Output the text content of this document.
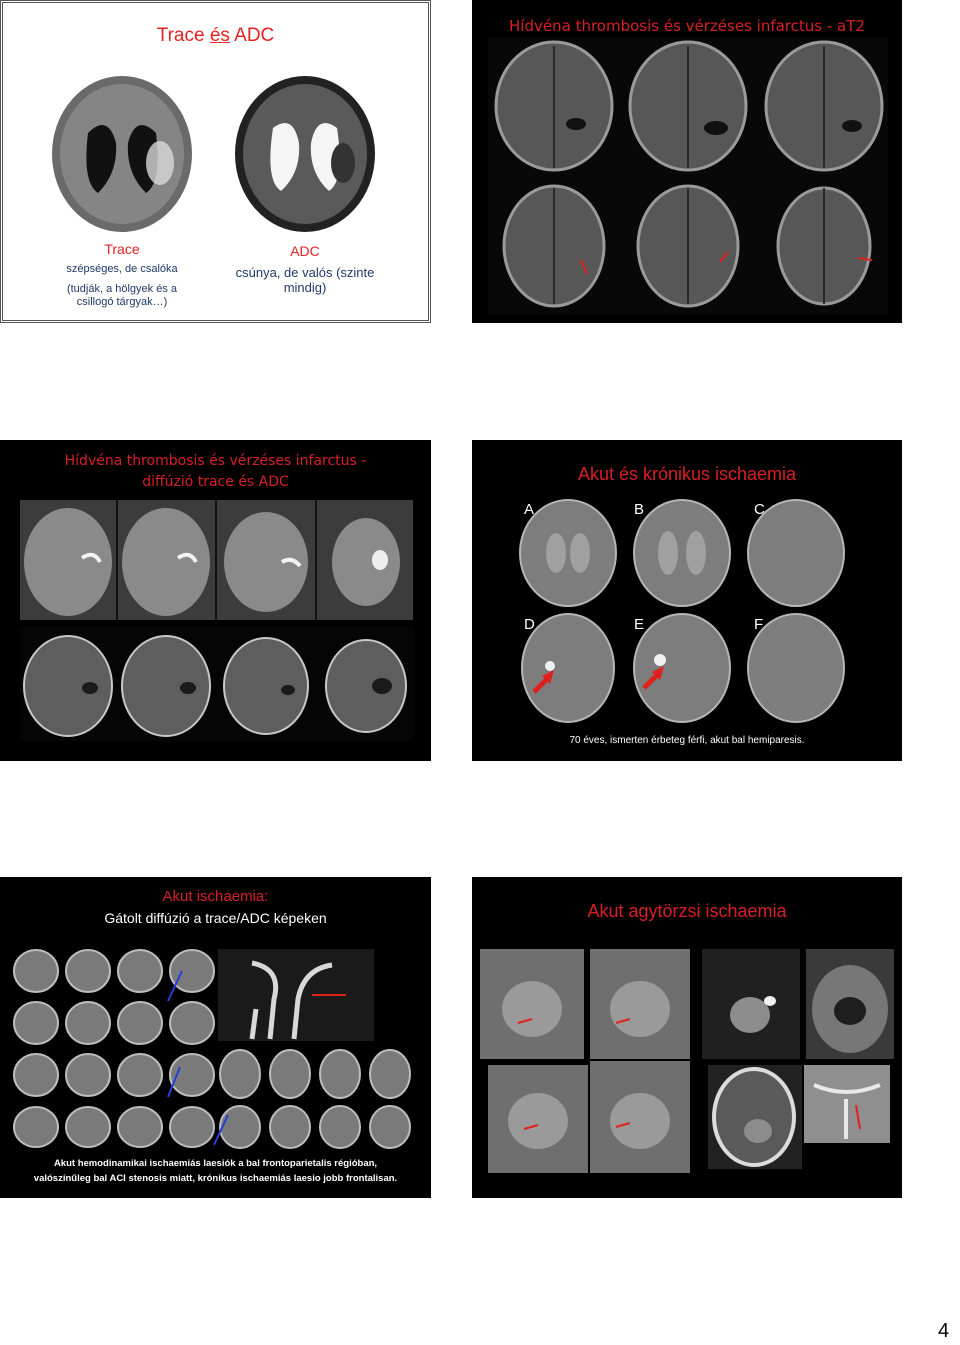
Trace és ADC
Trace
szépséges, de csalóka
(tudják, a hölgyek és a
csillogó tárgyak…)
ADC
csúnya, de valós (szinte
mindig)
Hídvéna thrombosis és vérzéses infarctus - aT2
Hídvéna thrombosis és vérzéses infarctus -
diffúzió trace és ADC	Akut és krónikus ischaemia
A	B	C
D	E	F
70 éves, ismerten érbeteg férfi, akut bal hemiparesis.
Akut ischaemia:
Gátolt diffúzió a trace/ADC képeken
Akut hemodinamikai ischaemiás laesiók a bal frontoparietalis régióban,
valószínűleg bal ACI stenosis miatt, krónikus ischaemiás laesio jobb frontalisan.
Akut agytörzsi ischaemia
4
